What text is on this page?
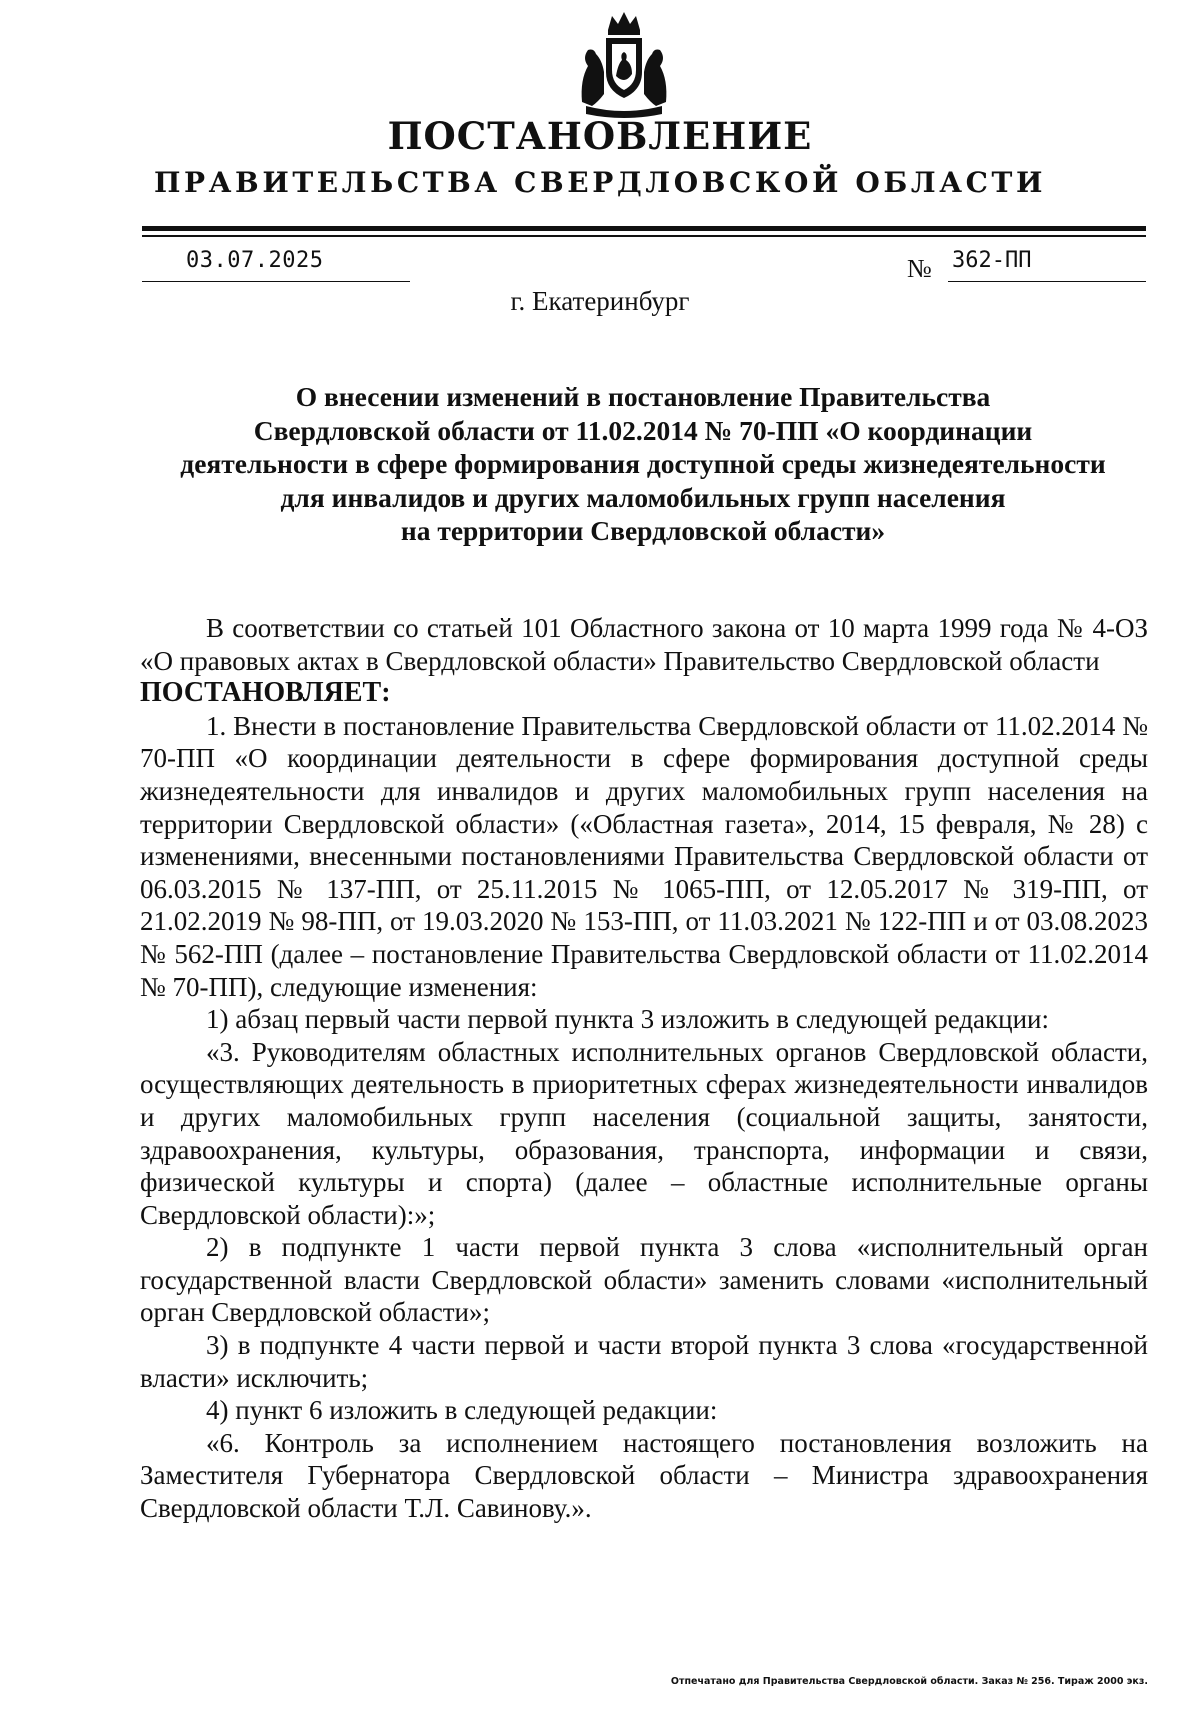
ПОСТАНОВЛЕНИЕ
ПРАВИТЕЛЬСТВА СВЕРДЛОВСКОЙ ОБЛАСТИ
03.07.2025	№ 362-ПП
г. Екатеринбург
О внесении изменений в постановление Правительства
Свердловской области от 11.02.2014 № 70-ПП «О координации
деятельности в сфере формирования доступной среды жизнедеятельности
для инвалидов и других маломобильных групп населения
на территории Свердловской области»

В соответствии со статьей 101 Областного закона от 10 марта 1999 года № 4-ОЗ «О правовых актах в Свердловской области» Правительство Свердловской области

ПОСТАНОВЛЯЕТ:

1. Внести в постановление Правительства Свердловской области от 11.02.2014 № 70-ПП «О координации деятельности в сфере формирования доступной среды жизнедеятельности для инвалидов и других маломобильных групп населения на территории Свердловской области» («Областная газета», 2014, 15 февраля, № 28) с изменениями, внесенными постановлениями Правительства Свердловской области от 06.03.2015 № 137-ПП, от 25.11.2015 № 1065-ПП, от 12.05.2017 № 319-ПП, от 21.02.2019 № 98-ПП, от 19.03.2020 № 153-ПП, от 11.03.2021 № 122-ПП и от 03.08.2023 № 562-ПП (далее – постановление Правительства Свердловской области от 11.02.2014 № 70-ПП), следующие изменения:

1) абзац первый части первой пункта 3 изложить в следующей редакции:

«3. Руководителям областных исполнительных органов Свердловской области, осуществляющих деятельность в приоритетных сферах жизнедеятельности инвалидов и других маломобильных групп населения (социальной защиты, занятости, здравоохранения, культуры, образования, транспорта, информации и связи, физической культуры и спорта) (далее – областные исполнительные органы Свердловской области):»;

2) в подпункте 1 части первой пункта 3 слова «исполнительный орган государственной власти Свердловской области» заменить словами «исполнительный орган Свердловской области»;

3) в подпункте 4 части первой и части второй пункта 3 слова «государственной власти» исключить;

4) пункт 6 изложить в следующей редакции:

«6. Контроль за исполнением настоящего постановления возложить на Заместителя Губернатора Свердловской области – Министра здравоохранения Свердловской области Т.Л. Савинову.».

Отпечатано для Правительства Свердловской области. Заказ № 256. Тираж 2000 экз.
